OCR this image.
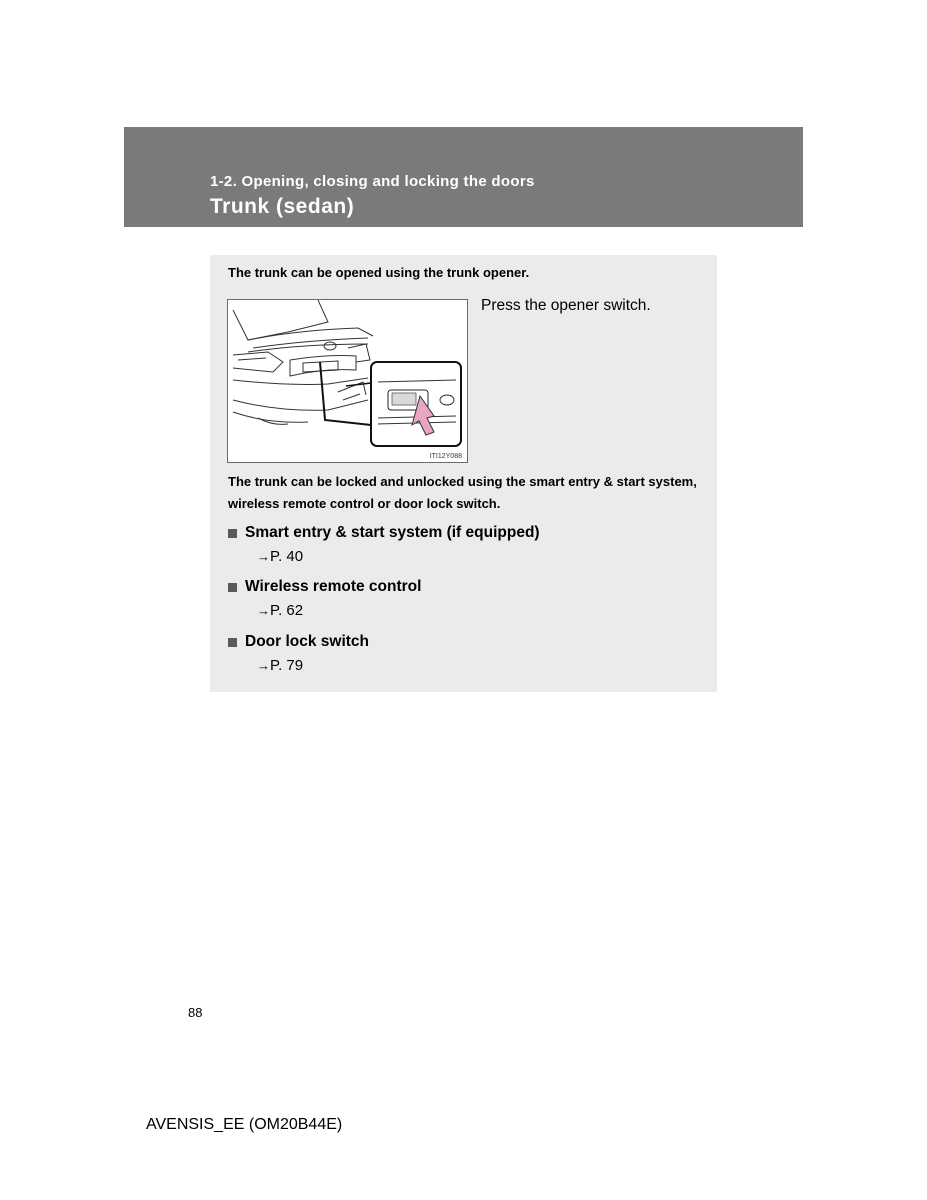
1-2. Opening, closing and locking the doors
Trunk (sedan)
The trunk can be opened using the trunk opener.
ITI12Y088
Press the opener switch.
The trunk can be locked and unlocked using the smart entry & start system, wireless remote control or door lock switch.
Smart entry & start system (if equipped)
→P. 40
Wireless remote control
→P. 62
Door lock switch
→P. 79
88
AVENSIS_EE (OM20B44E)
